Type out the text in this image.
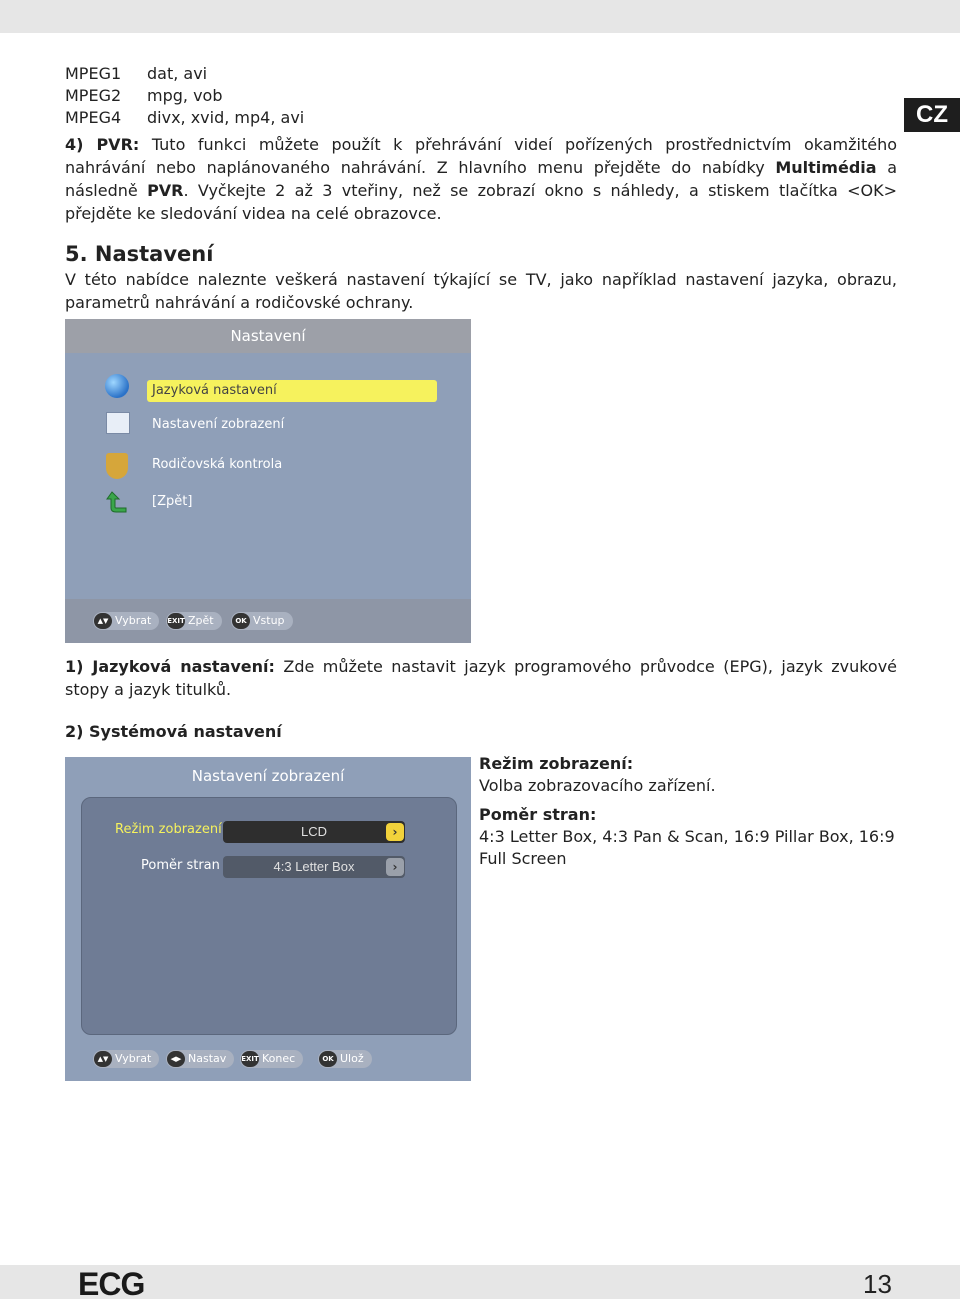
CZ
MPEG1	dat, avi
MPEG2	mpg, vob
MPEG4	divx, xvid, mp4, avi
4) PVR: Tuto funkci můžete použít k přehrávání videí pořízených prostřednictvím okamžitého nahrávání nebo naplánovaného nahrávání. Z hlavního menu přejděte do nabídky Multimédia a následně PVR. Vyčkejte 2 až 3 vteřiny, než se zobrazí okno s náhledy, a stiskem tlačítka <OK> přejděte ke sledování videa na celé obrazovce.
5. Nastavení
V této nabídce naleznte veškerá nastavení týkající se TV, jako například nastavení jazyka, obrazu, parametrů nahrávání a rodičovské ochrany.
Nastavení
Jazyková nastavení
Nastavení zobrazení
Rodičovská kontrola
[Zpět]
▲▼ Vybrat	EXIT Zpět	OK Vstup
1) Jazyková nastavení: Zde můžete nastavit jazyk programového průvodce (EPG), jazyk zvukové stopy a jazyk titulků.
2) Systémová nastavení
Nastavení zobrazení
Režim zobrazení	LCD	›
Poměr stran	4:3 Letter Box	›
▲▼ Vybrat	◀▶ Nastav	EXIT Konec	OK Ulož
Režim zobrazení:
Volba zobrazovacího zařízení.
Poměr stran:
4:3 Letter Box, 4:3 Pan & Scan, 16:9 Pillar Box, 16:9 Full Screen
ECG	13
